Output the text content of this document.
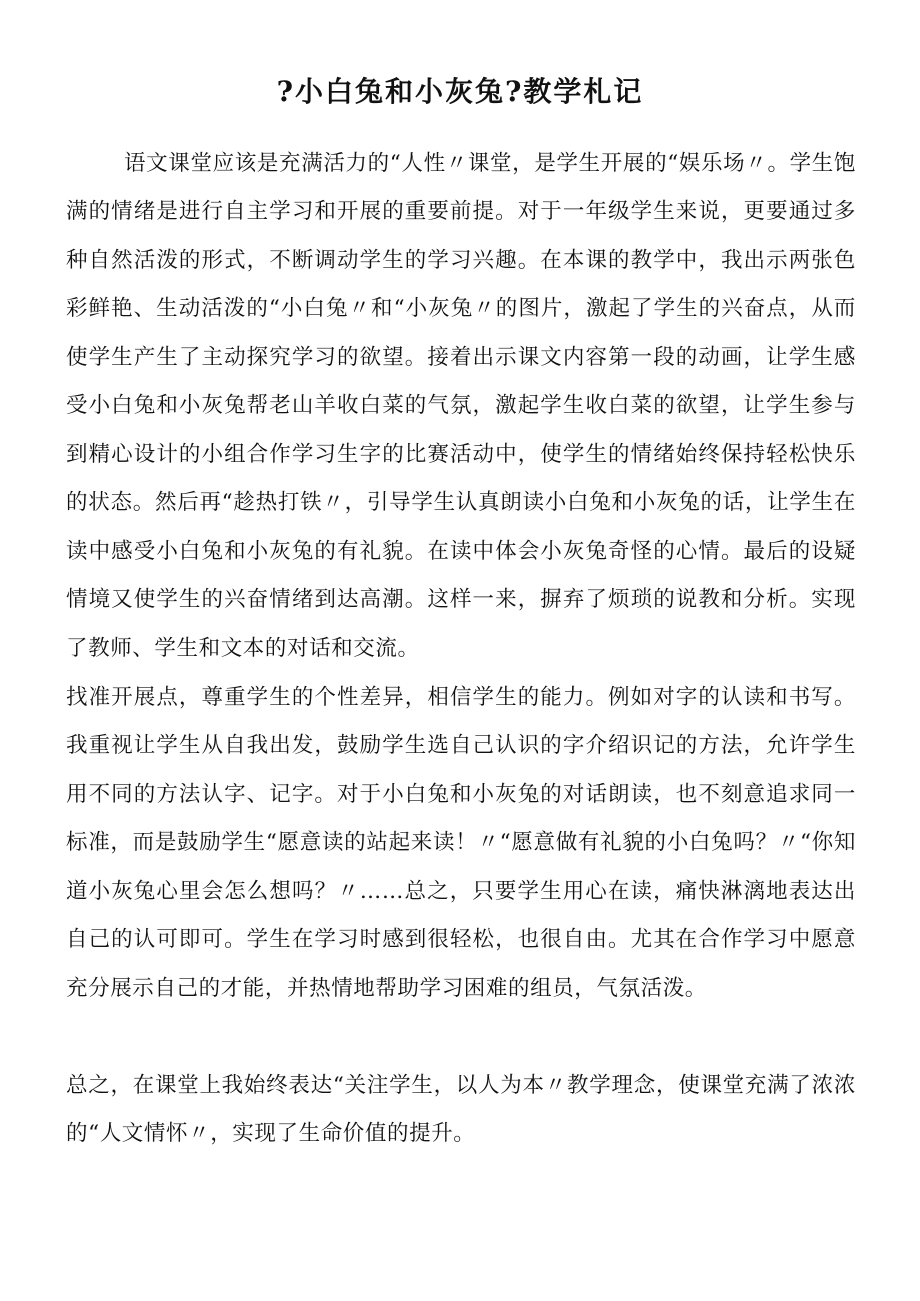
?小白兔和小灰兔?教学札记

语文课堂应该是充满活力的“人性〃课堂，是学生开展的“娱乐场〃。学生饱满的情绪是进行自主学习和开展的重要前提。对于一年级学生来说，更要通过多种自然活泼的形式，不断调动学生的学习兴趣。在本课的教学中，我出示两张色彩鲜艳、生动活泼的“小白兔〃和“小灰兔〃的图片，激起了学生的兴奋点，从而使学生产生了主动探究学习的欲望。接着出示课文内容第一段的动画，让学生感受小白兔和小灰兔帮老山羊收白菜的气氛，激起学生收白菜的欲望，让学生参与到精心设计的小组合作学习生字的比赛活动中，使学生的情绪始终保持轻松快乐的状态。然后再“趁热打铁〃，引导学生认真朗读小白兔和小灰兔的话，让学生在读中感受小白兔和小灰兔的有礼貌。在读中体会小灰兔奇怪的心情。最后的设疑情境又使学生的兴奋情绪到达高潮。这样一来，摒弃了烦琐的说教和分析。实现了教师、学生和文本的对话和交流。

找准开展点，尊重学生的个性差异，相信学生的能力。例如对字的认读和书写。我重视让学生从自我出发，鼓励学生选自己认识的字介绍识记的方法，允许学生用不同的方法认字、记字。对于小白兔和小灰兔的对话朗读，也不刻意追求同一标准，而是鼓励学生“愿意读的站起来读！〃“愿意做有礼貌的小白兔吗？〃“你知道小灰兔心里会怎么想吗？〃……总之，只要学生用心在读，痛快淋漓地表达出自己的认可即可。学生在学习时感到很轻松，也很自由。尤其在合作学习中愿意充分展示自己的才能，并热情地帮助学习困难的组员，气氛活泼。

总之，在课堂上我始终表达“关注学生，以人为本〃教学理念，使课堂充满了浓浓的“人文情怀〃，实现了生命价值的提升。
